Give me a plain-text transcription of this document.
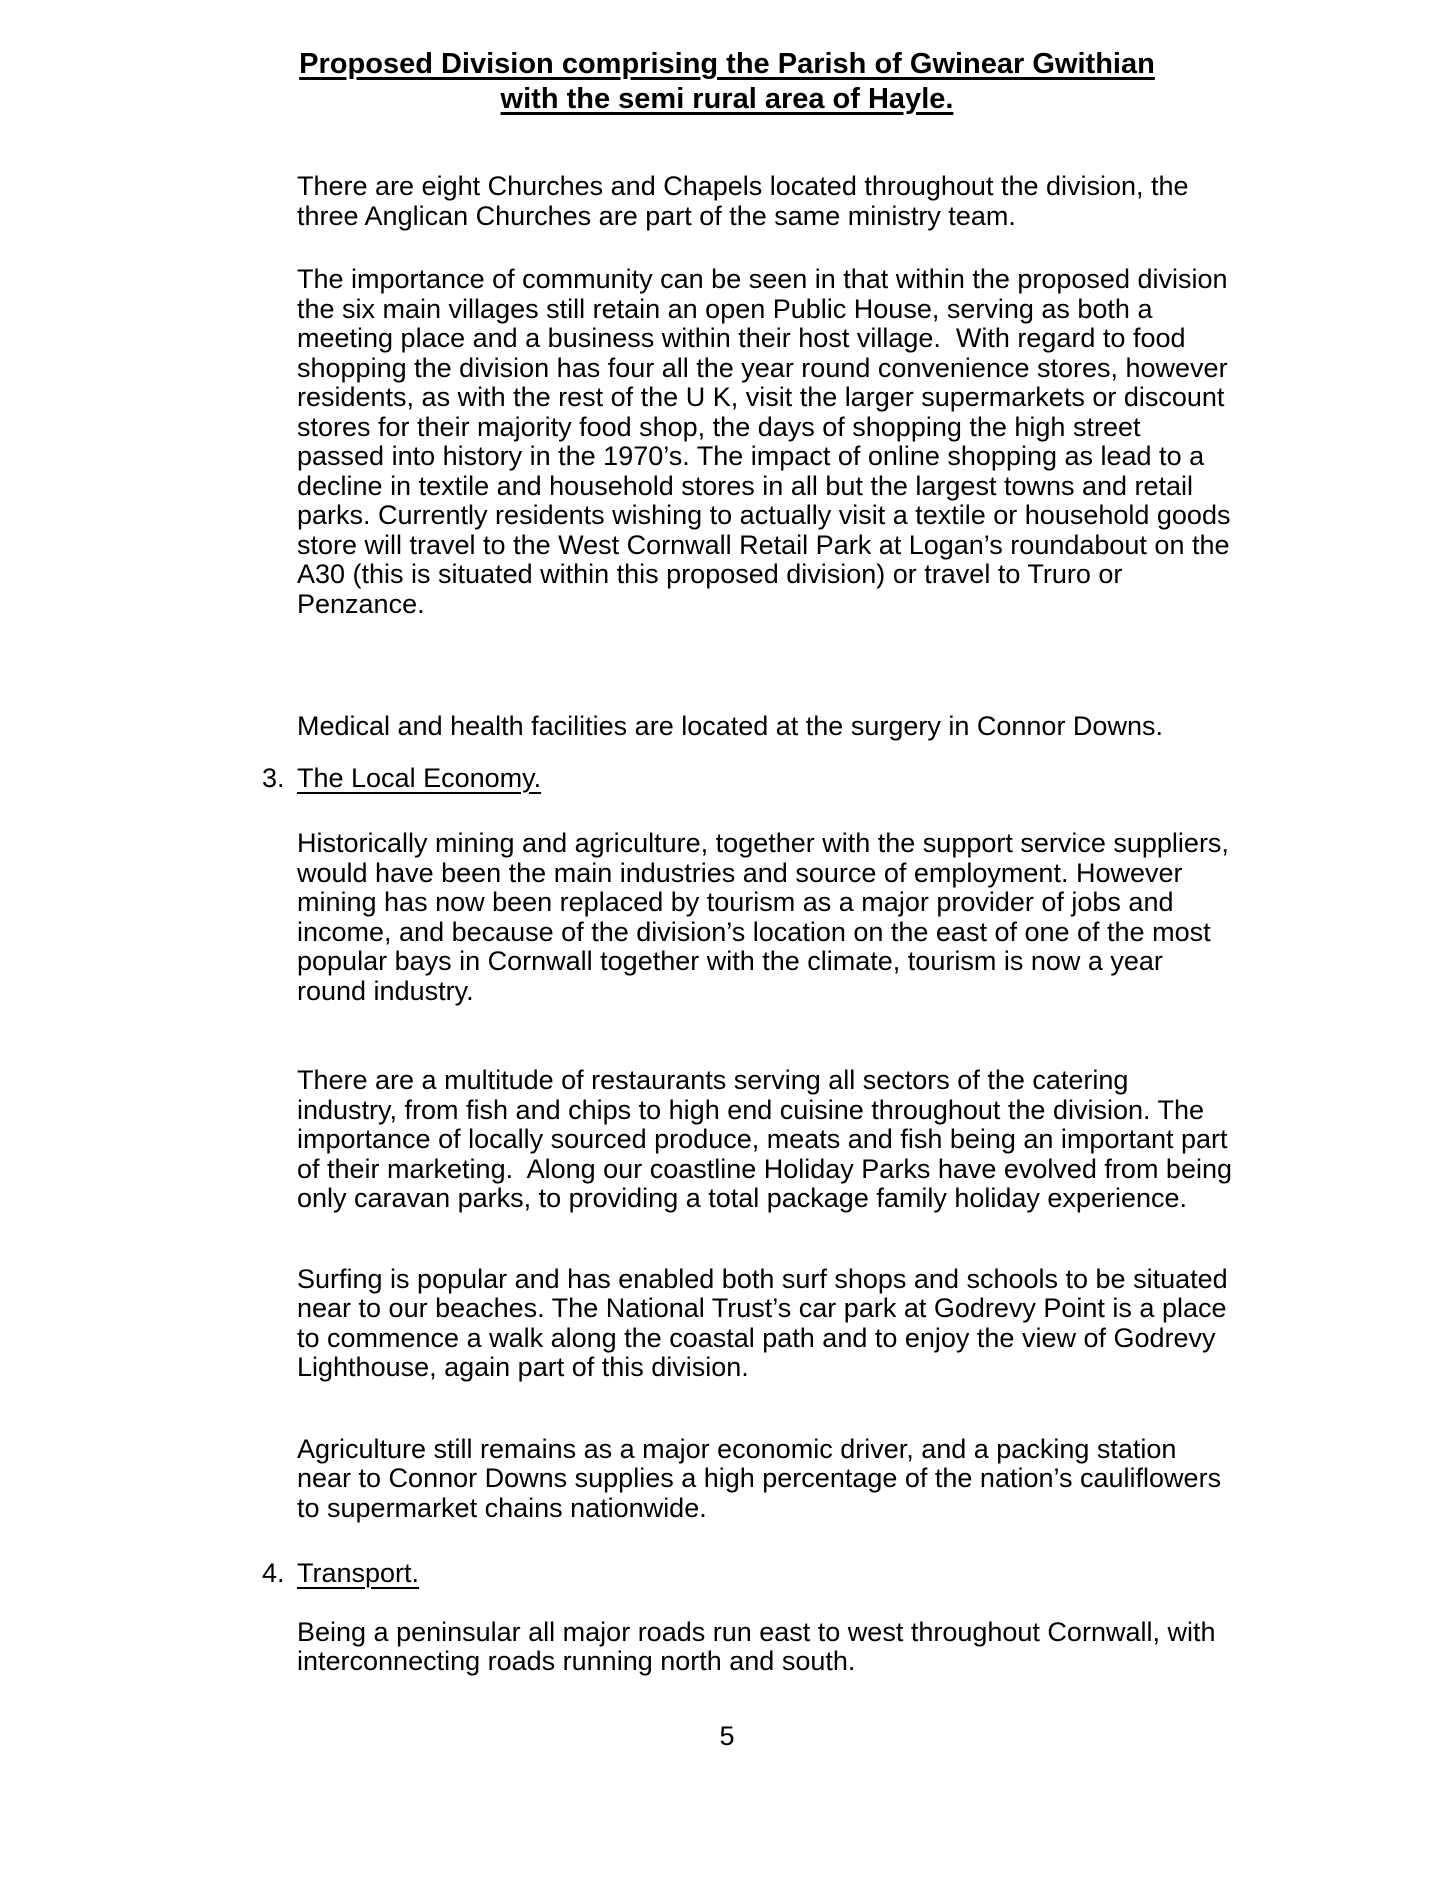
Proposed Division comprising the Parish of Gwinear Gwithian
with the semi rural area of Hayle.

There are eight Churches and Chapels located throughout the division, the three Anglican Churches are part of the same ministry team.

The importance of community can be seen in that within the proposed division the six main villages still retain an open Public House, serving as both a meeting place and a business within their host village.  With regard to food shopping the division has four all the year round convenience stores, however residents, as with the rest of the U K, visit the larger supermarkets or discount stores for their majority food shop, the days of shopping the high street passed into history in the 1970’s. The impact of online shopping as lead to a decline in textile and household stores in all but the largest towns and retail parks. Currently residents wishing to actually visit a textile or household goods store will travel to the West Cornwall Retail Park at Logan’s roundabout on the A30 (this is situated within this proposed division) or travel to Truro or Penzance.

Medical and health facilities are located at the surgery in Connor Downs.

3. The Local Economy.

Historically mining and agriculture, together with the support service suppliers, would have been the main industries and source of employment. However mining has now been replaced by tourism as a major provider of jobs and income, and because of the division’s location on the east of one of the most popular bays in Cornwall together with the climate, tourism is now a year round industry.

There are a multitude of restaurants serving all sectors of the catering industry, from fish and chips to high end cuisine throughout the division. The importance of locally sourced produce, meats and fish being an important part of their marketing.  Along our coastline Holiday Parks have evolved from being only caravan parks, to providing a total package family holiday experience.

Surfing is popular and has enabled both surf shops and schools to be situated near to our beaches. The National Trust’s car park at Godrevy Point is a place to commence a walk along the coastal path and to enjoy the view of Godrevy Lighthouse, again part of this division.

Agriculture still remains as a major economic driver, and a packing station near to Connor Downs supplies a high percentage of the nation’s cauliflowers to supermarket chains nationwide.

4. Transport.

Being a peninsular all major roads run east to west throughout Cornwall, with interconnecting roads running north and south.

5
